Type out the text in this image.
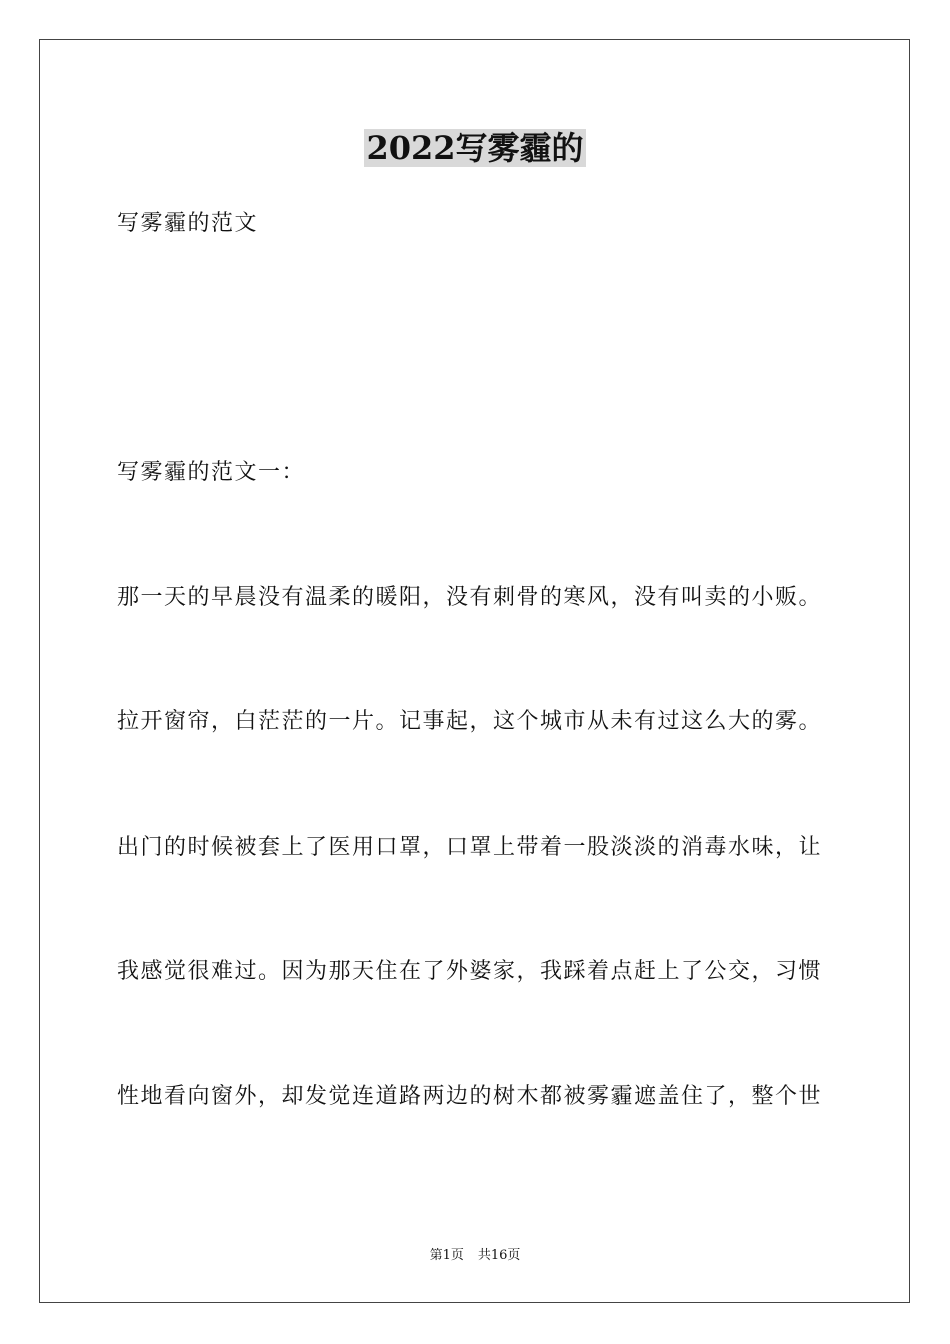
2022写雾霾的
写雾霾的范文
写雾霾的范文一：
那一天的早晨没有温柔的暖阳，没有刺骨的寒风，没有叫卖的小贩。
拉开窗帘，白茫茫的一片。记事起，这个城市从未有过这么大的雾。
出门的时候被套上了医用口罩，口罩上带着一股淡淡的消毒水味，让
我感觉很难过。因为那天住在了外婆家，我踩着点赶上了公交，习惯
性地看向窗外，却发觉连道路两边的树木都被雾霾遮盖住了，整个世
第1页 共16页
